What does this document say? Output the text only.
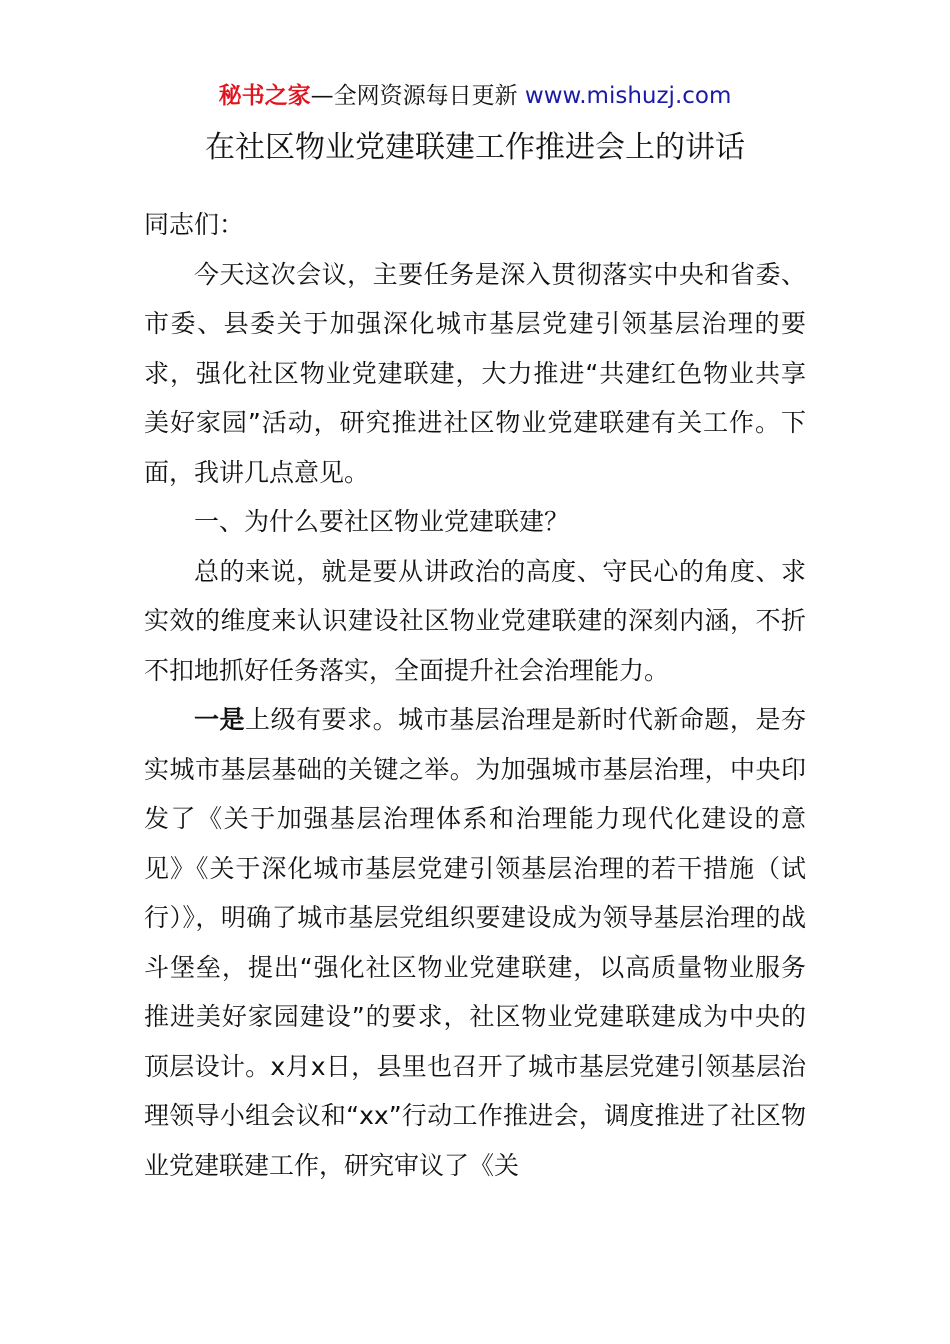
秘书之家—全网资源每日更新 www.mishuzj.com
在社区物业党建联建工作推进会上的讲话

同志们：

今天这次会议，主要任务是深入贯彻落实中央和省委、市委、县委关于加强深化城市基层党建引领基层治理的要求，强化社区物业党建联建，大力推进“共建红色物业共享美好家园”活动，研究推进社区物业党建联建有关工作。下面，我讲几点意见。

一、为什么要社区物业党建联建？

总的来说，就是要从讲政治的高度、守民心的角度、求实效的维度来认识建设社区物业党建联建的深刻内涵，不折不扣地抓好任务落实，全面提升社会治理能力。

一是上级有要求。城市基层治理是新时代新命题，是夯实城市基层基础的关键之举。为加强城市基层治理，中央印发了《关于加强基层治理体系和治理能力现代化建设的意见》《关于深化城市基层党建引领基层治理的若干措施（试行）》，明确了城市基层党组织要建设成为领导基层治理的战斗堡垒，提出“强化社区物业党建联建，以高质量物业服务推进美好家园建设”的要求，社区物业党建联建成为中央的顶层设计。x月x日，县里也召开了城市基层党建引领基层治理领导小组会议和“xx”行动工作推进会，调度推进了社区物业党建联建工作，研究审议了《关
